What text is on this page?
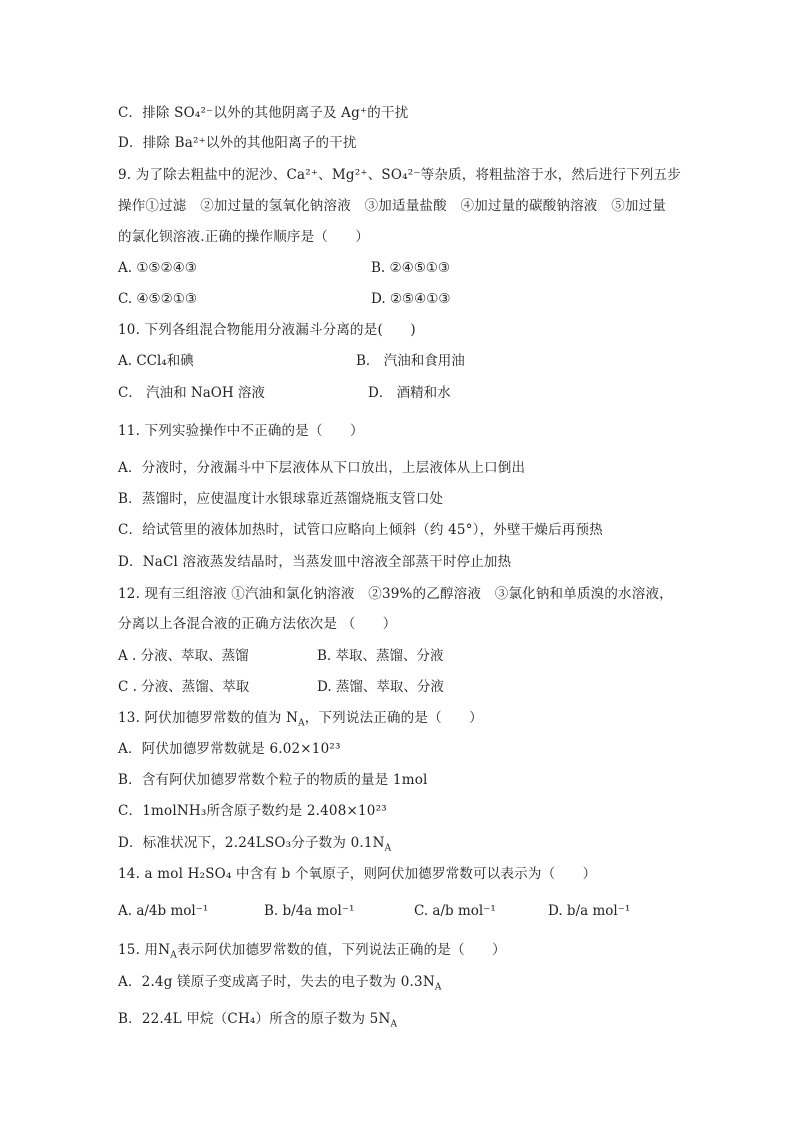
C．排除 SO₄²⁻以外的其他阴离子及 Ag⁺的干扰
D．排除 Ba²⁺以外的其他阳离子的干扰
9. 为了除去粗盐中的泥沙、Ca²⁺、Mg²⁺、SO₄²⁻等杂质，将粗盐溶于水，然后进行下列五步
操作①过滤　②加过量的氢氧化钠溶液　③加适量盐酸　④加过量的碳酸钠溶液　⑤加过量
的氯化钡溶液.正确的操作顺序是（　　）
A. ①⑤②④③	B. ②④⑤①③
C. ④⑤②①③	D. ②⑤④①③
10. 下列各组混合物能用分液漏斗分离的是(　　)
A. CCl₄和碘	B． 汽油和食用油
C． 汽油和 NaOH 溶液	D． 酒精和水
11. 下列实验操作中不正确的是（　　）
A．分液时，分液漏斗中下层液体从下口放出，上层液体从上口倒出
B．蒸馏时，应使温度计水银球靠近蒸馏烧瓶支管口处
C．给试管里的液体加热时，试管口应略向上倾斜（约 45°），外壁干燥后再预热
D．NaCl 溶液蒸发结晶时，当蒸发皿中溶液全部蒸干时停止加热
12. 现有三组溶液 ①汽油和氯化钠溶液　②39%的乙醇溶液　③氯化钠和单质溴的水溶液，
分离以上各混合液的正确方法依次是 （　　）
A . 分液、萃取、蒸馏	B. 萃取、蒸馏、分液
C . 分液、蒸馏、萃取	D. 蒸馏、萃取、分液
13. 阿伏加德罗常数的值为 $N_A$，下列说法正确的是（　　）
A．阿伏加德罗常数就是 6.02×10²³
B．含有阿伏加德罗常数个粒子的物质的量是 1mol
C．1molNH₃所含原子数约是 2.408×10²³
D．标准状况下，2.24LSO₃分子数为 $0.1N_A$
14. a mol H₂SO₄ 中含有 b 个氧原子，则阿伏加德罗常数可以表示为（　　）
A. a/4b mol⁻¹	B. b/4a mol⁻¹	C. a/b mol⁻¹	D. b/a mol⁻¹
15. 用$N_A$表示阿伏加德罗常数的值，下列说法正确的是（　　）
A．2.4g 镁原子变成离子时，失去的电子数为 $0.3N_A$
B．22.4L 甲烷（CH₄）所含的原子数为 $5N_A$
